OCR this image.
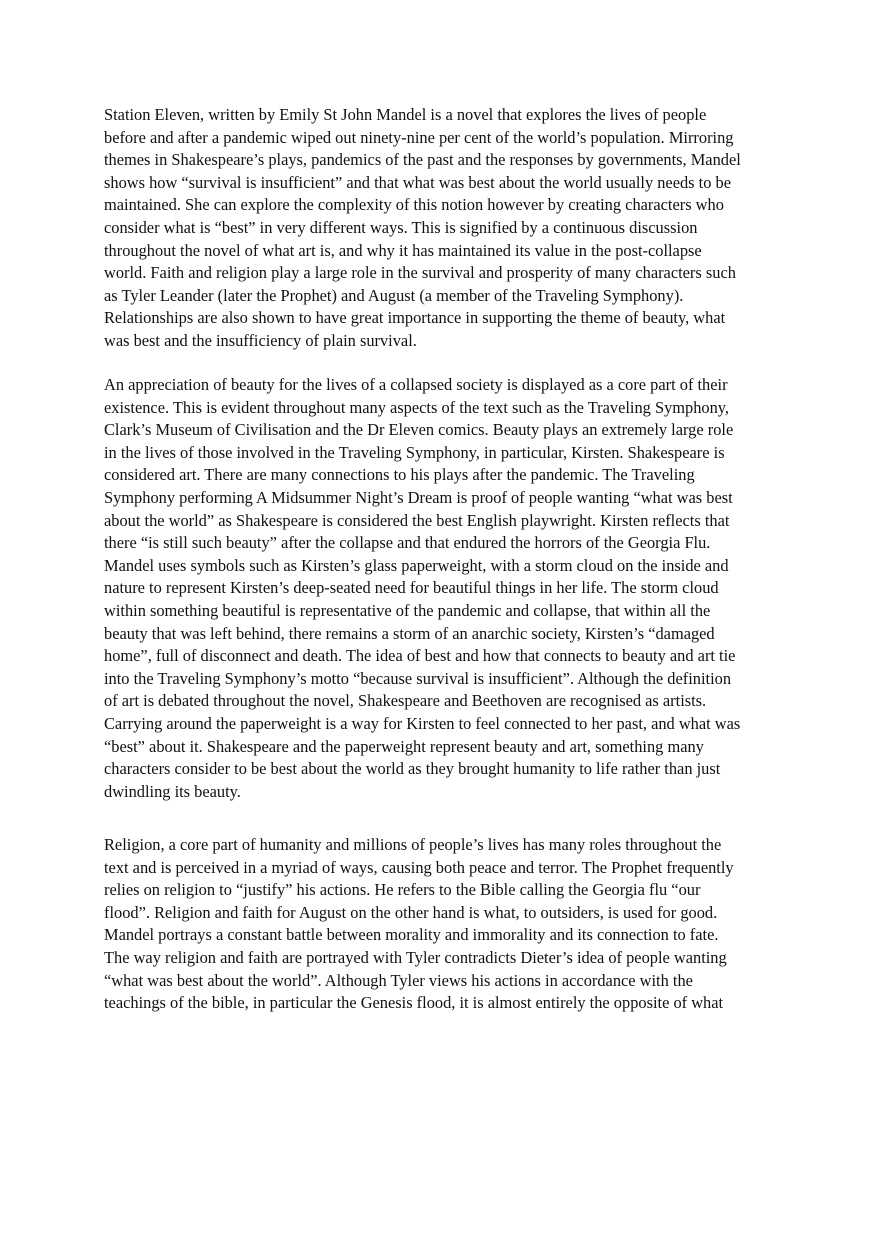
Station Eleven, written by Emily St John Mandel is a novel that explores the lives of people
before and after a pandemic wiped out ninety-nine per cent of the world’s population. Mirroring
themes in Shakespeare’s plays, pandemics of the past and the responses by governments, Mandel
shows how “survival is insufficient” and that what was best about the world usually needs to be
maintained. She can explore the complexity of this notion however by creating characters who
consider what is “best” in very different ways. This is signified by a continuous discussion
throughout the novel of what art is, and why it has maintained its value in the post-collapse
world. Faith and religion play a large role in the survival and prosperity of many characters such
as Tyler Leander (later the Prophet) and August (a member of the Traveling Symphony).
Relationships are also shown to have great importance in supporting the theme of beauty, what
was best and the insufficiency of plain survival.
An appreciation of beauty for the lives of a collapsed society is displayed as a core part of their
existence. This is evident throughout many aspects of the text such as the Traveling Symphony,
Clark’s Museum of Civilisation and the Dr Eleven comics. Beauty plays an extremely large role
in the lives of those involved in the Traveling Symphony, in particular, Kirsten. Shakespeare is
considered art. There are many connections to his plays after the pandemic. The Traveling
Symphony performing A Midsummer Night’s Dream is proof of people wanting “what was best
about the world” as Shakespeare is considered the best English playwright. Kirsten reflects that
there “is still such beauty” after the collapse and that endured the horrors of the Georgia Flu.
Mandel uses symbols such as Kirsten’s glass paperweight, with a storm cloud on the inside and
nature to represent Kirsten’s deep-seated need for beautiful things in her life. The storm cloud
within something beautiful is representative of the pandemic and collapse, that within all the
beauty that was left behind, there remains a storm of an anarchic society, Kirsten’s “damaged
home”, full of disconnect and death. The idea of best and how that connects to beauty and art tie
into the Traveling Symphony’s motto “because survival is insufficient”. Although the definition
of art is debated throughout the novel, Shakespeare and Beethoven are recognised as artists.
Carrying around the paperweight is a way for Kirsten to feel connected to her past, and what was
“best” about it. Shakespeare and the paperweight represent beauty and art, something many
characters consider to be best about the world as they brought humanity to life rather than just
dwindling its beauty.
Religion, a core part of humanity and millions of people’s lives has many roles throughout the
text and is perceived in a myriad of ways, causing both peace and terror. The Prophet frequently
relies on religion to “justify” his actions. He refers to the Bible calling the Georgia flu “our
flood”. Religion and faith for August on the other hand is what, to outsiders, is used for good.
Mandel portrays a constant battle between morality and immorality and its connection to fate.
The way religion and faith are portrayed with Tyler contradicts Dieter’s idea of people wanting
“what was best about the world”. Although Tyler views his actions in accordance with the
teachings of the bible, in particular the Genesis flood, it is almost entirely the opposite of what
